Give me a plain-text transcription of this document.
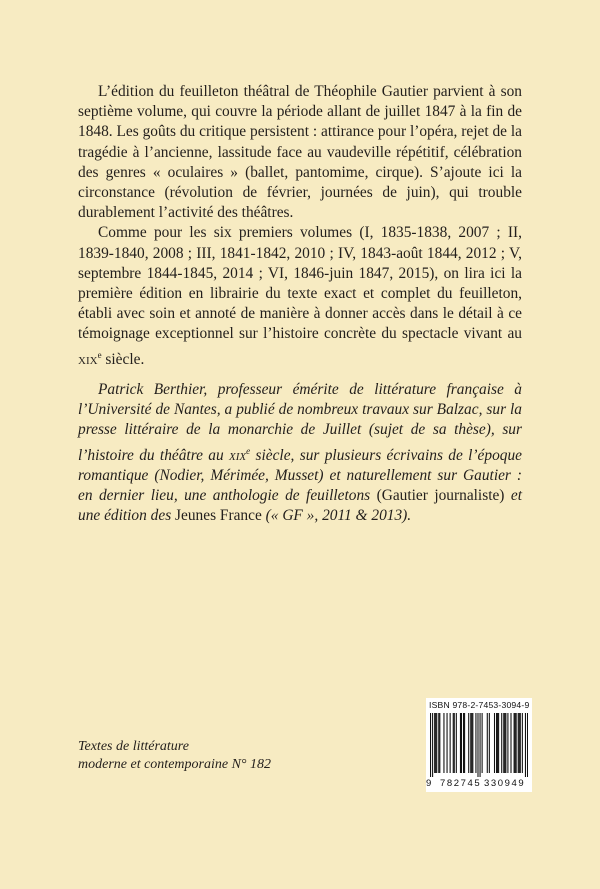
L’édition du feuilleton théâtral de Théophile Gautier parvient à son septième volume, qui couvre la période allant de juillet 1847 à la fin de 1848. Les goûts du critique persistent : attirance pour l’opéra, rejet de la tragédie à l’ancienne, lassitude face au vaudeville répétitif, célébration des genres « oculaires » (ballet, pantomime, cirque). S’ajoute ici la circonstance (révolution de février, journées de juin), qui trouble durablement l’activité des théâtres.

Comme pour les six premiers volumes (I, 1835-1838, 2007 ; II, 1839-1840, 2008 ; III, 1841-1842, 2010 ; IV, 1843-août 1844, 2012 ; V, septembre 1844-1845, 2014 ; VI, 1846-juin 1847, 2015), on lira ici la première édition en librairie du texte exact et complet du feuilleton, établi avec soin et annoté de manière à donner accès dans le détail à ce témoignage exceptionnel sur l’histoire concrète du spectacle vivant au xix$^e$ siècle.

Patrick Berthier, professeur émérite de littérature française à l’Université de Nantes, a publié de nombreux travaux sur Balzac, sur la presse littéraire de la monarchie de Juillet (sujet de sa thèse), sur l’histoire du théâtre au xix$^e$ siècle, sur plusieurs écrivains de l’époque romantique (Nodier, Mérimée, Musset) et naturellement sur Gautier : en dernier lieu, une anthologie de feuilletons (Gautier journaliste) et une édition des Jeunes France (« GF », 2011 & 2013).
Textes de littérature
moderne et contemporaine N° 182
ISBN 978-2-7453-3094-9
9 782745 330949
